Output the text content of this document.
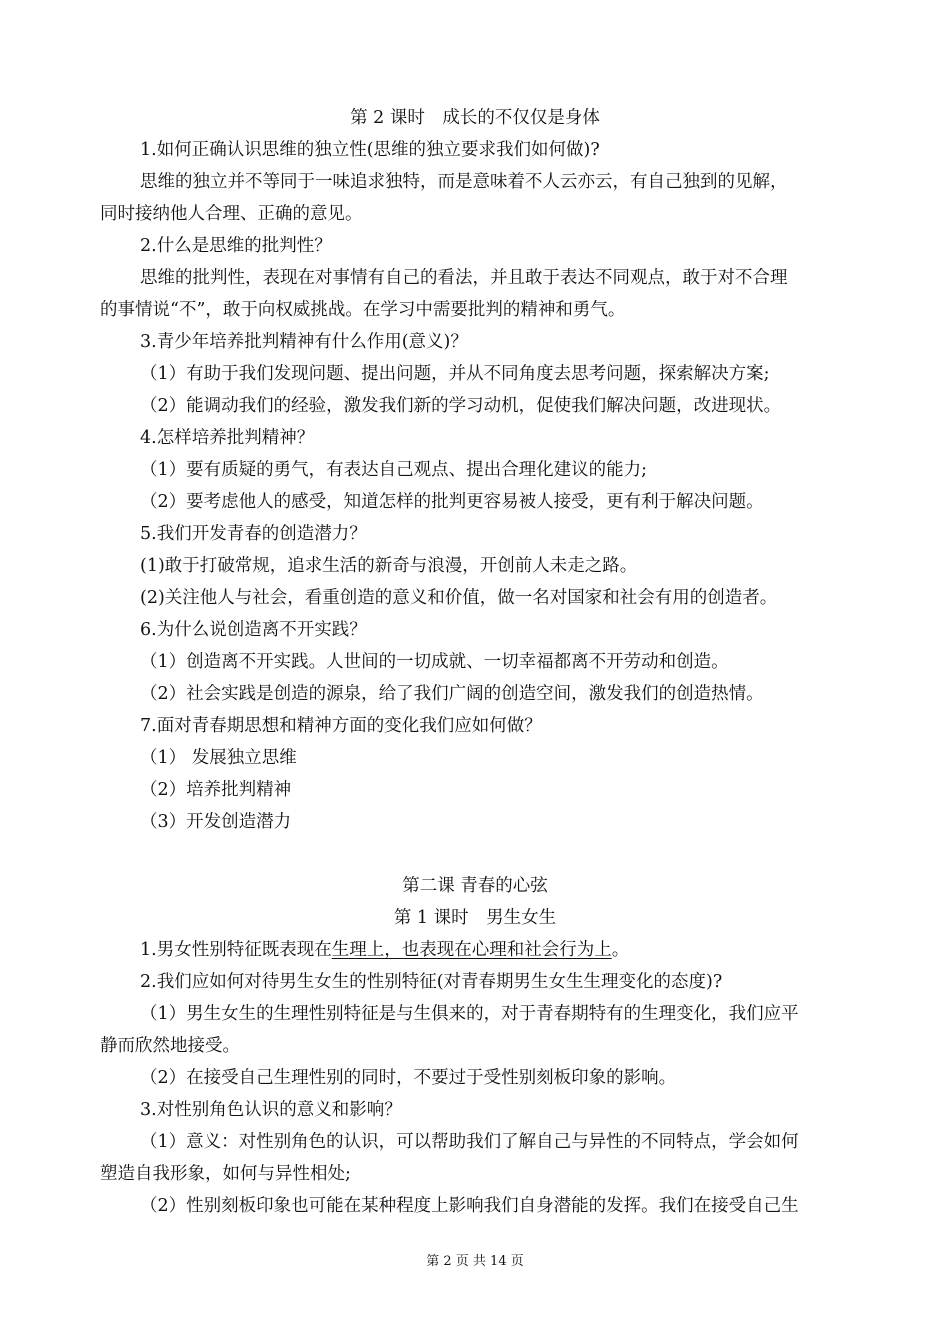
第 2 课时　成长的不仅仅是身体
1.如何正确认识思维的独立性(思维的独立要求我们如何做)?
思维的独立并不等同于一味追求独特，而是意味着不人云亦云，有自己独到的见解，
同时接纳他人合理、正确的意见。
2.什么是思维的批判性？
思维的批判性，表现在对事情有自己的看法，并且敢于表达不同观点，敢于对不合理
的事情说“不”，敢于向权威挑战。在学习中需要批判的精神和勇气。
3.青少年培养批判精神有什么作用(意义)？
（1）有助于我们发现问题、提出问题，并从不同角度去思考问题，探索解决方案;
（2）能调动我们的经验，激发我们新的学习动机，促使我们解决问题，改进现状。
4.怎样培养批判精神？
（1）要有质疑的勇气，有表达自己观点、提出合理化建议的能力;
（2）要考虑他人的感受，知道怎样的批判更容易被人接受，更有利于解决问题。
5.我们开发青春的创造潜力？
(1)敢于打破常规，追求生活的新奇与浪漫，开创前人未走之路。
(2)关注他人与社会，看重创造的意义和价值，做一名对国家和社会有用的创造者。
6.为什么说创造离不开实践？
（1）创造离不开实践。人世间的一切成就、一切幸福都离不开劳动和创造。
（2）社会实践是创造的源泉，给了我们广阔的创造空间，激发我们的创造热情。
7.面对青春期思想和精神方面的变化我们应如何做？
（1） 发展独立思维
（2）培养批判精神
（3）开发创造潜力
第二课 青春的心弦
第 1 课时　男生女生
1.男女性别特征既表现在生理上，也表现在心理和社会行为上。
2.我们应如何对待男生女生的性别特征(对青春期男生女生生理变化的态度)?
（1）男生女生的生理性别特征是与生俱来的，对于青春期特有的生理变化，我们应平
静而欣然地接受。
（2）在接受自己生理性别的同时，不要过于受性别刻板印象的影响。
3.对性别角色认识的意义和影响？
（1）意义：对性别角色的认识，可以帮助我们了解自己与异性的不同特点，学会如何
塑造自我形象，如何与异性相处;
（2）性别刻板印象也可能在某种程度上影响我们自身潜能的发挥。我们在接受自己生
第 2 页 共 14 页
